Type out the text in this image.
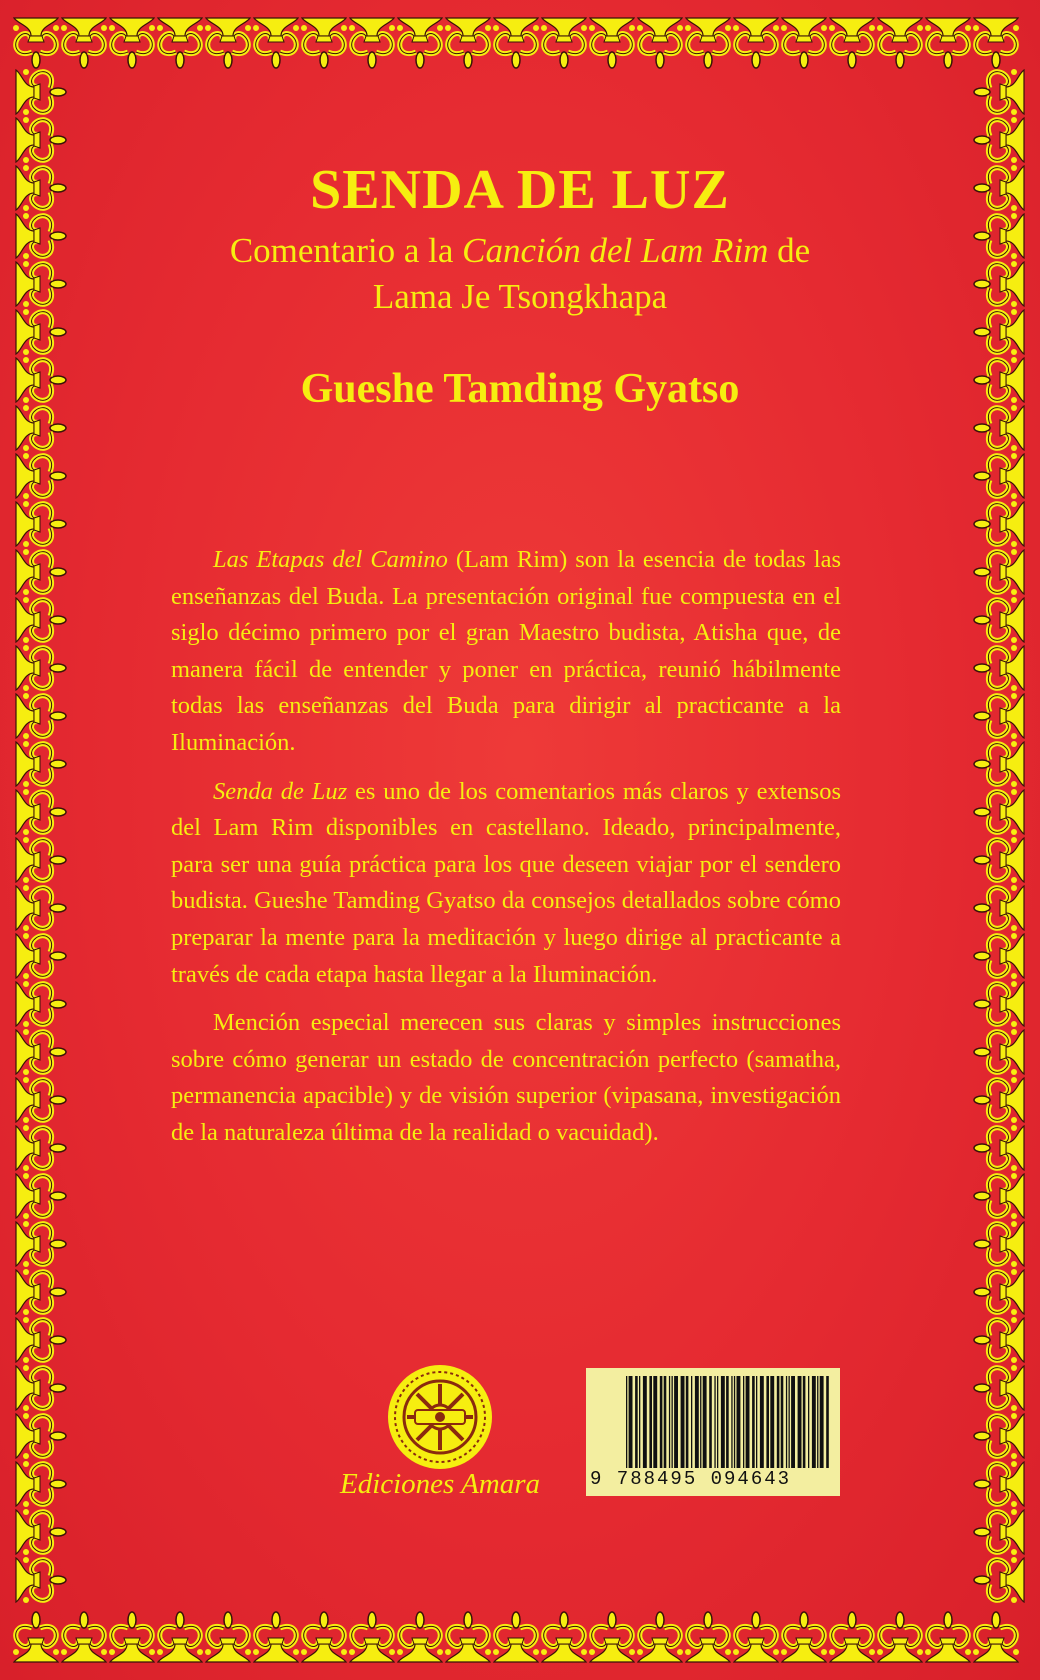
SENDA DE LUZ
Comentario a la Canción del Lam Rim de
Lama Je Tsongkhapa
Gueshe Tamding Gyatso

Las Etapas del Camino (Lam Rim) son la esencia de todas las enseñanzas del Buda. La presentación original fue compuesta en el siglo décimo primero por el gran Maestro budista, Atisha que, de manera fácil de entender y poner en práctica, reunió hábilmente todas las enseñanzas del Buda para dirigir al practicante a la Iluminación.

Senda de Luz es uno de los comentarios más claros y extensos del Lam Rim disponibles en castellano. Ideado, principalmente, para ser una guía práctica para los que deseen viajar por el sendero budista. Gueshe Tamding Gyatso da consejos detallados sobre cómo preparar la mente para la meditación y luego dirige al practicante a través de cada etapa hasta llegar a la Iluminación.

Mención especial merecen sus claras y simples instrucciones sobre cómo generar un estado de concentración perfecto (samatha, permanencia apacible) y de visión superior (vipasana, investigación de la naturaleza última de la realidad o vacuidad).

Ediciones Amara	9 788495 094643
